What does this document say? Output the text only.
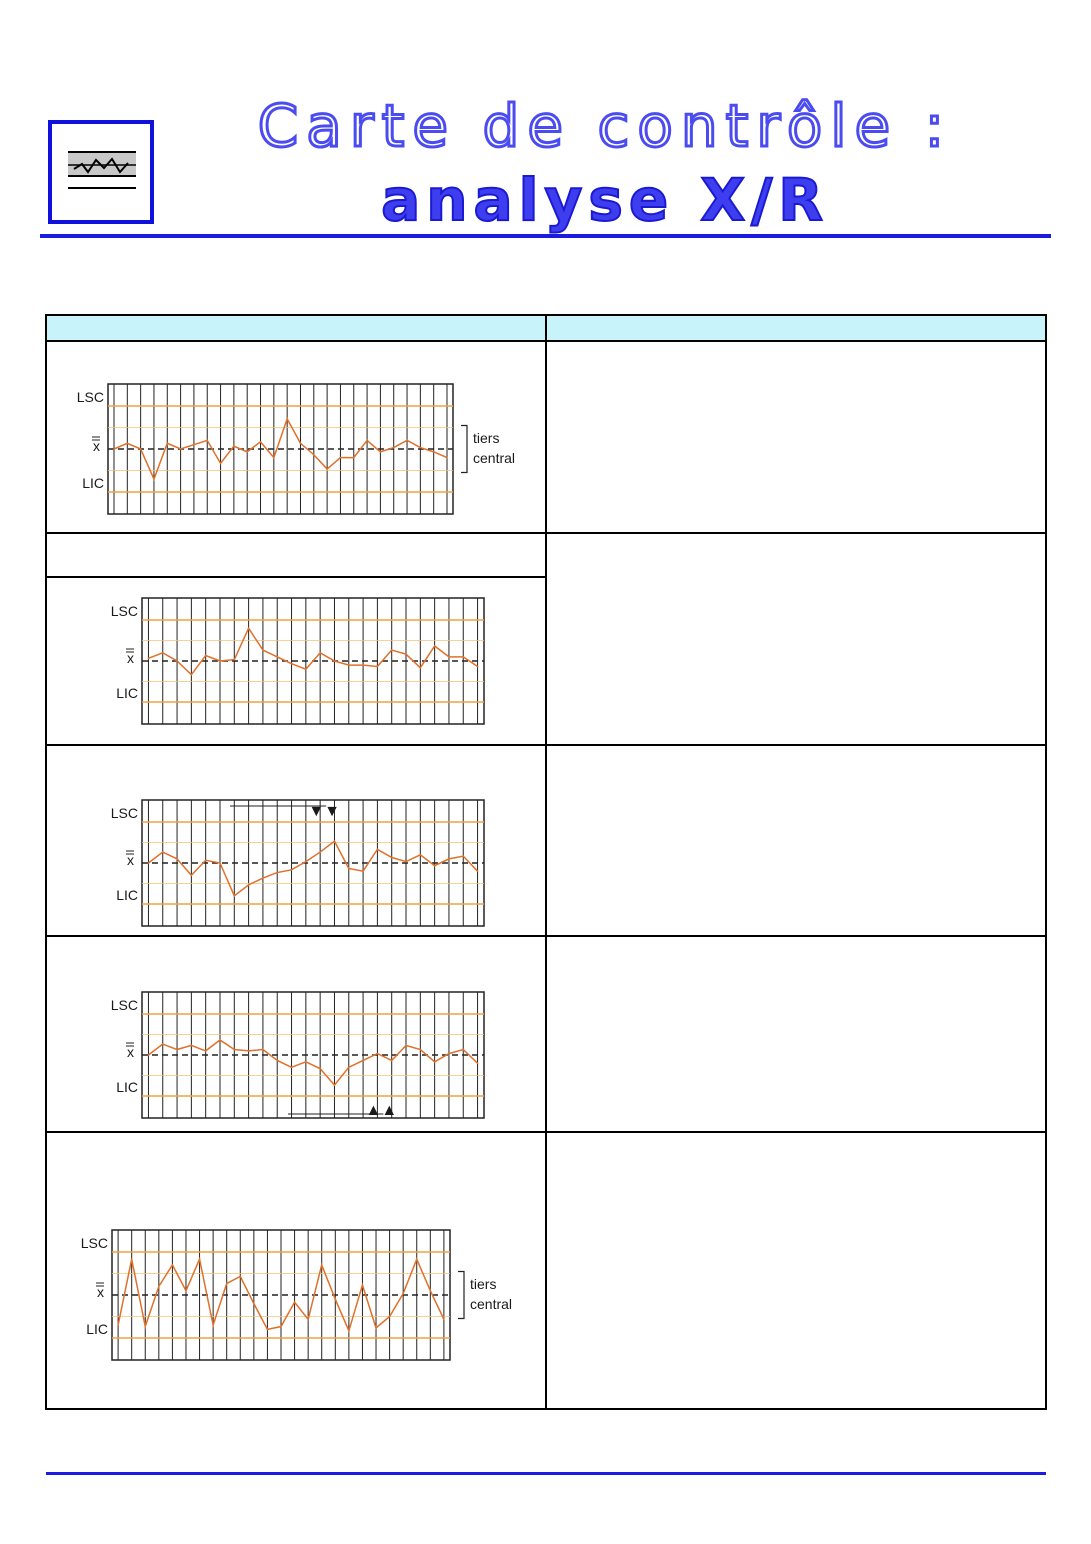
Carte de contrôle :
analyse X/R
LSC
x
LIC
tiers
central
LSC
x
LIC
LSC
x
LIC
▼▼
LSC
x
LIC
▲▲
LSC
x
LIC
tiers
central
